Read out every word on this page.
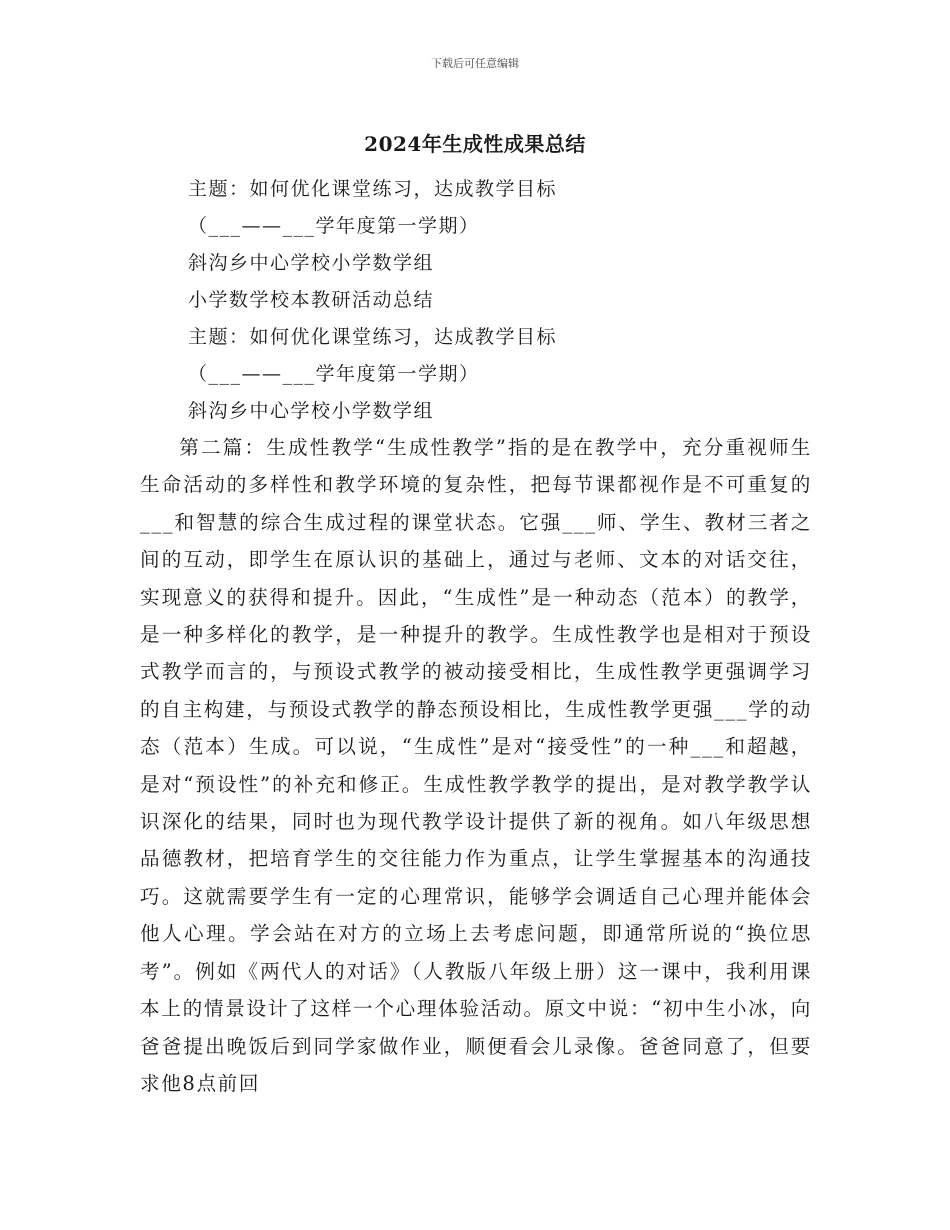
下载后可任意编辑
2024年生成性成果总结
主题：如何优化课堂练习，达成教学目标
（___——___学年度第一学期）
斜沟乡中心学校小学数学组
小学数学校本教研活动总结
主题：如何优化课堂练习，达成教学目标
（___——___学年度第一学期）
斜沟乡中心学校小学数学组

第二篇：生成性教学“生成性教学”指的是在教学中，充分重视师生生命活动的多样性和教学环境的复杂性，把每节课都视作是不可重复的___和智慧的综合生成过程的课堂状态。它强___师、学生、教材三者之间的互动，即学生在原认识的基础上，通过与老师、文本的对话交往，实现意义的获得和提升。因此，“生成性”是一种动态（范本）的教学，是一种多样化的教学，是一种提升的教学。生成性教学也是相对于预设式教学而言的，与预设式教学的被动接受相比，生成性教学更强调学习的自主构建，与预设式教学的静态预设相比，生成性教学更强___学的动态（范本）生成。可以说，“生成性”是对“接受性”的一种___和超越，是对“预设性”的补充和修正。生成性教学教学的提出，是对教学教学认识深化的结果，同时也为现代教学设计提供了新的视角。如八年级思想品德教材，把培育学生的交往能力作为重点，让学生掌握基本的沟通技巧。这就需要学生有一定的心理常识，能够学会调适自己心理并能体会他人心理。学会站在对方的立场上去考虑问题，即通常所说的“换位思考”。例如《两代人的对话》（人教版八年级上册）这一课中，我利用课本上的情景设计了这样一个心理体验活动。原文中说：“初中生小冰，向爸爸提出晚饭后到同学家做作业，顺便看会儿录像。爸爸同意了，但要求他8点前回
